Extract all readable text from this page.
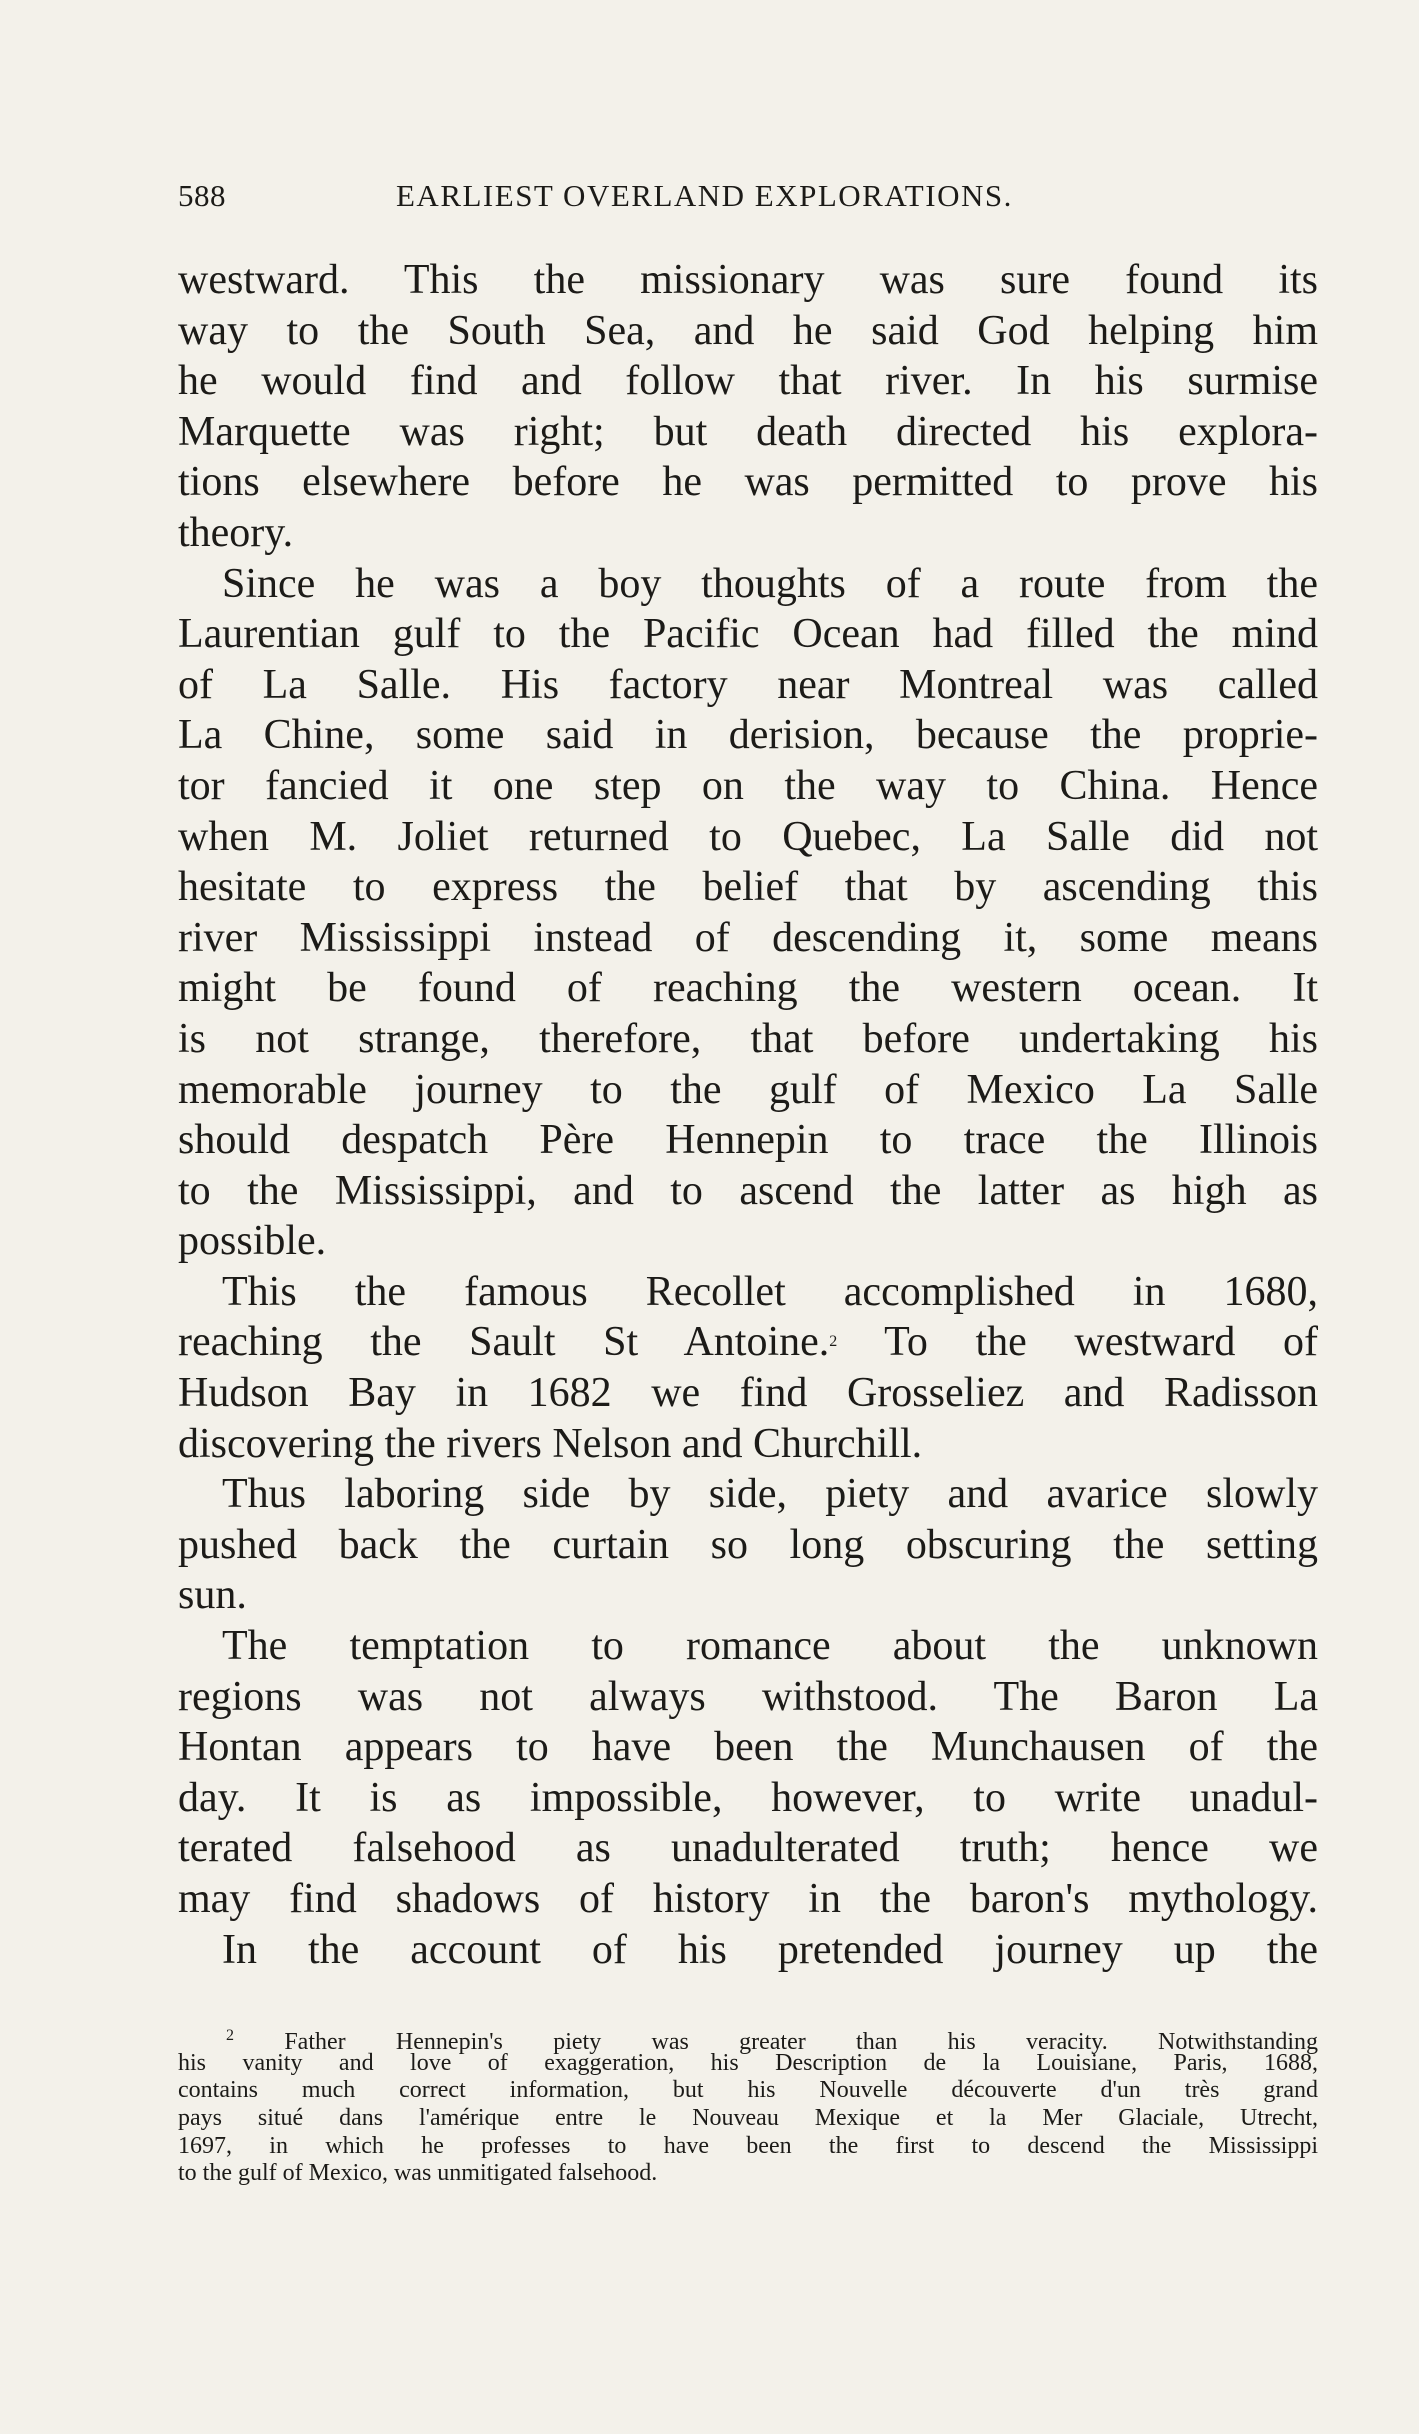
588	EARLIEST OVERLAND EXPLORATIONS.
westward. This the missionary was sure found its
way to the South Sea, and he said God helping him
he would find and follow that river. In his surmise
Marquette was right; but death directed his explora-
tions elsewhere before he was permitted to prove his
theory.
Since he was a boy thoughts of a route from the
Laurentian gulf to the Pacific Ocean had filled the mind
of La Salle. His factory near Montreal was called
La Chine, some said in derision, because the proprie-
tor fancied it one step on the way to China. Hence
when M. Joliet returned to Quebec, La Salle did not
hesitate to express the belief that by ascending this
river Mississippi instead of descending it, some means
might be found of reaching the western ocean. It
is not strange, therefore, that before undertaking his
memorable journey to the gulf of Mexico La Salle
should despatch Père Hennepin to trace the Illinois
to the Mississippi, and to ascend the latter as high as
possible.
This the famous Recollet accomplished in 1680,
reaching the Sault St Antoine.$^2$ To the westward of
Hudson Bay in 1682 we find Grosseliez and Radisson
discovering the rivers Nelson and Churchill.
Thus laboring side by side, piety and avarice slowly
pushed back the curtain so long obscuring the setting
sun.
The temptation to romance about the unknown
regions was not always withstood. The Baron La
Hontan appears to have been the Munchausen of the
day. It is as impossible, however, to write unadul-
terated falsehood as unadulterated truth; hence we
may find shadows of history in the baron's mythology.
In the account of his pretended journey up the
$^2$ Father Hennepin's piety was greater than his veracity. Notwithstanding
his vanity and love of exaggeration, his Description de la Louisiane, Paris, 1688,
contains much correct information, but his Nouvelle découverte d'un très grand
pays situé dans l'amérique entre le Nouveau Mexique et la Mer Glaciale, Utrecht,
1697, in which he professes to have been the first to descend the Mississippi
to the gulf of Mexico, was unmitigated falsehood.
